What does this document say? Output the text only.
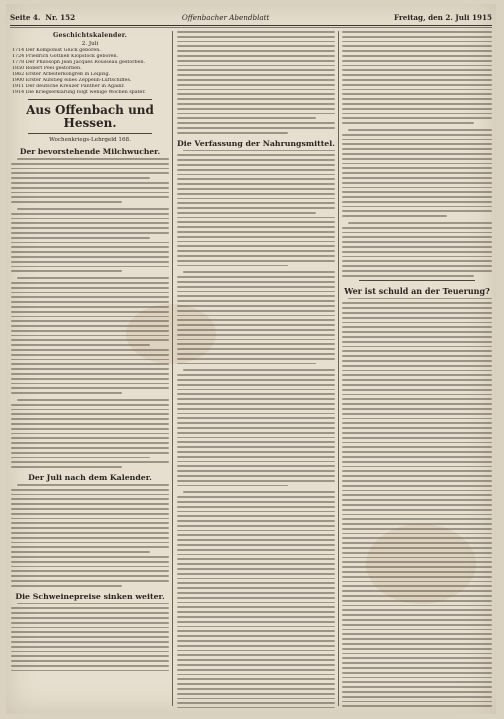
Seite 4. Nr. 152	Offenbacher Abendblatt	Freitag, den 2. Juli 1915
Geschichtskalender.
2. Juli
1714 Der Komponist Gluck geboren.
1724 Friedrich Gottlieb Klopstock geboren.
1778 Der Philosoph Jean Jacques Rousseau gestorben.
1850 Robert Peel gestorben.
1862 Erster Arbeiterkongreß in Leipzig.
1900 Erster Aufstieg eines Zeppelin-Luftschiffes.
1911 Der deutsche Kreuzer Panther in Agadir.
1914 Die Kriegserklärung folgt wenige Wochen später.
Aus Offenbach und Hessen.
Wochenkriegs-Lehrgeld 168.
Der bevorstehende Milchwucher.
Der Juli nach dem Kalender.
Die Schweinepreise sinken weiter.
Die Verfassung der Nahrungsmittel.
Wer ist schuld an der Teuerung?
